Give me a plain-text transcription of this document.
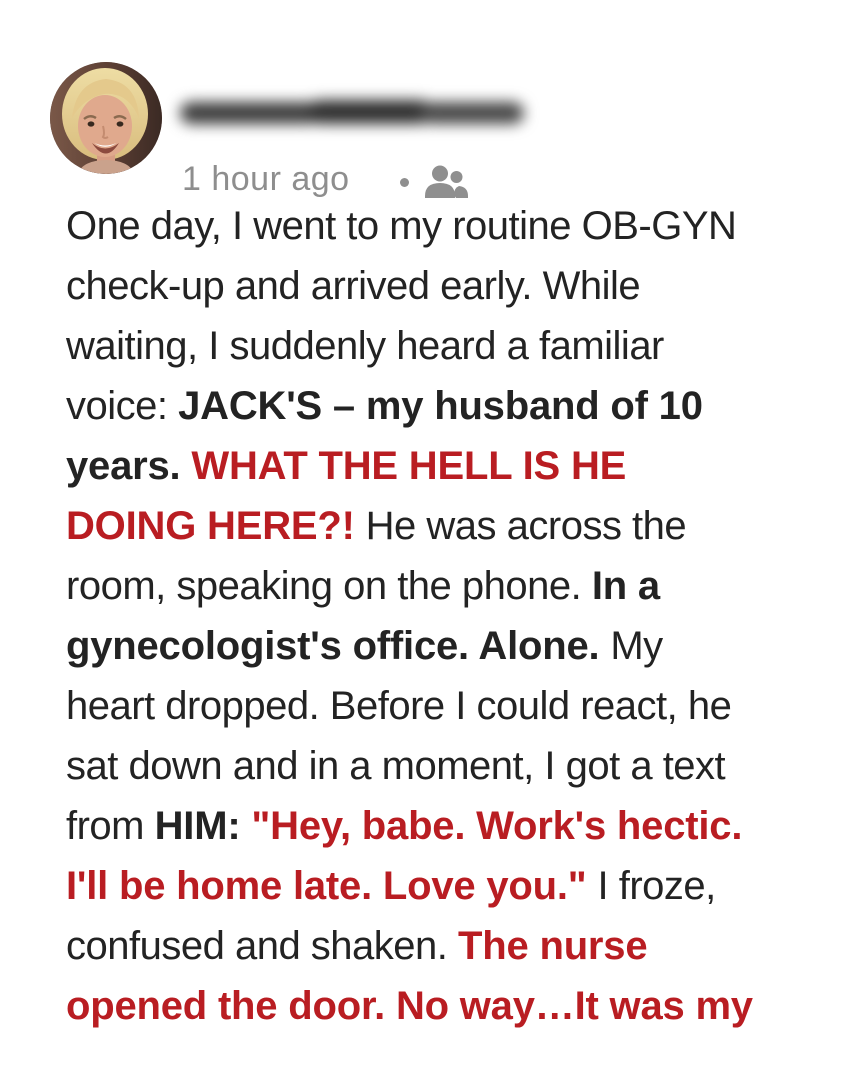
1 hour ago
One day, I went to my routine OB-GYN
check-up and arrived early. While
waiting, I suddenly heard a familiar
voice: JACK'S – my husband of 10
years. WHAT THE HELL IS HE
DOING HERE?! He was across the
room, speaking on the phone. In a
gynecologist's office. Alone. My
heart dropped. Before I could react, he
sat down and in a moment, I got a text
from HIM: "Hey, babe. Work's hectic.
I'll be home late. Love you." I froze,
confused and shaken. The nurse
opened the door. No way…It was my
